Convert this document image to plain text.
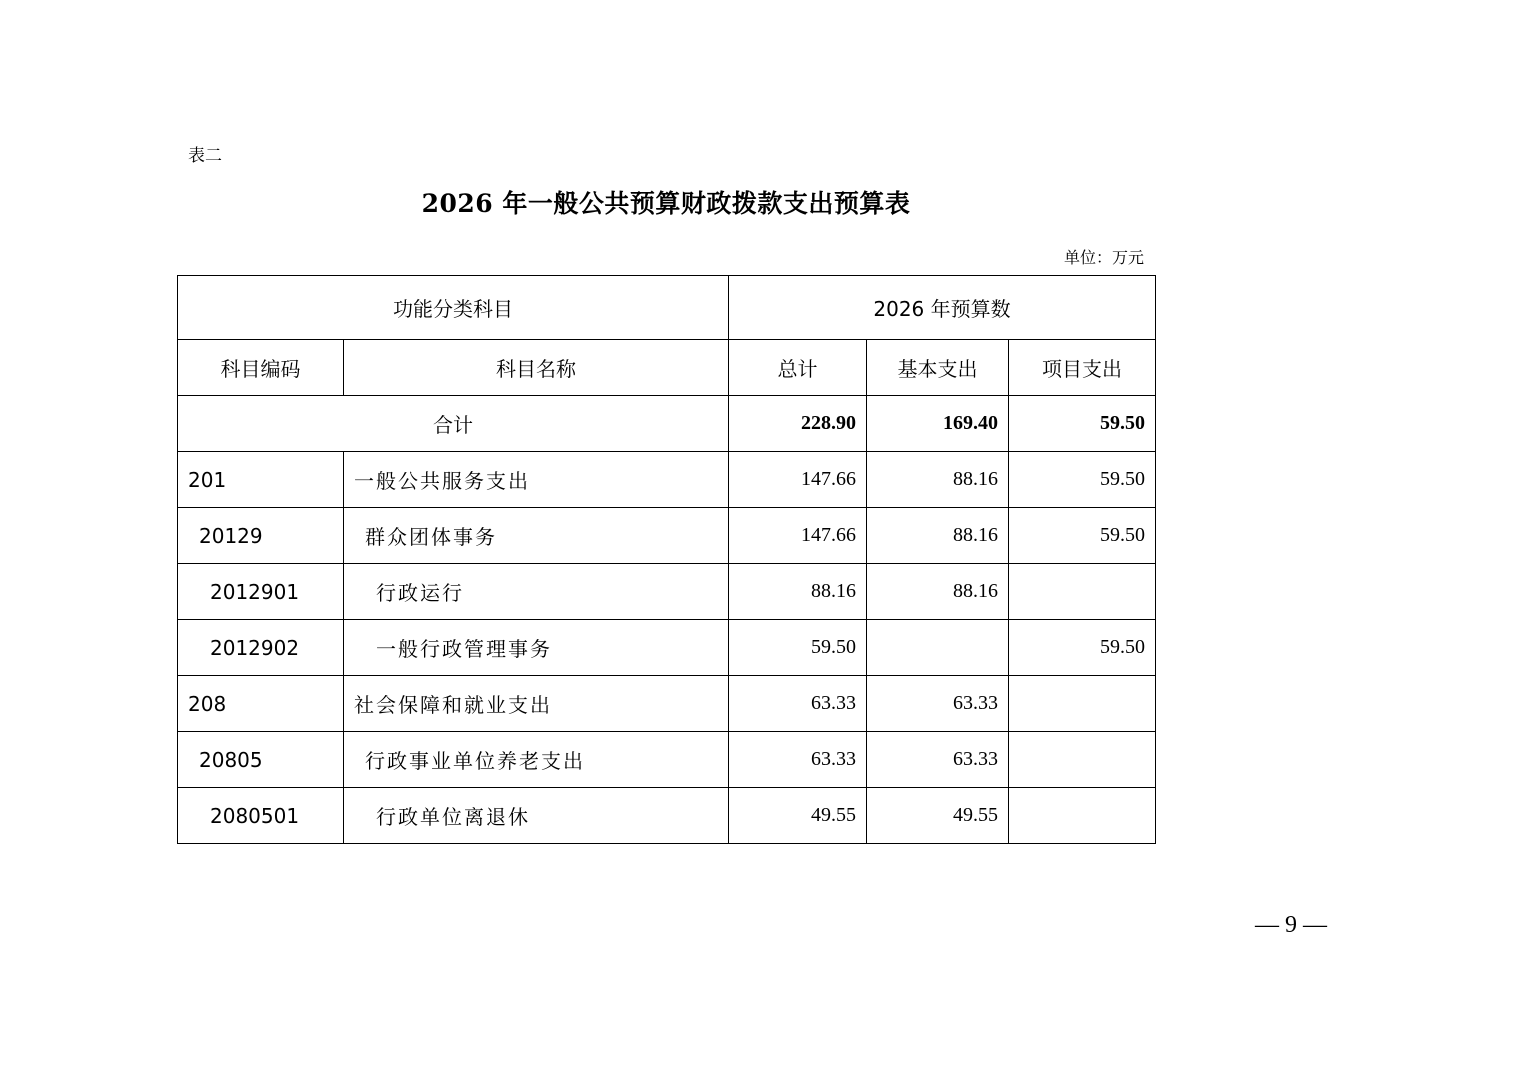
表二
2026 年一般公共预算财政拨款支出预算表
单位：万元
功能分类科目		2026 年预算数		
科目编码	科目名称	总计	基本支出	项目支出
合计		228.90	169.40	59.50
201	一般公共服务支出	147.66	88.16	59.50
20129	群众团体事务	147.66	88.16	59.50
2012901	行政运行	88.16	88.16	
2012902	一般行政管理事务	59.50		59.50
208	社会保障和就业支出	63.33	63.33	
20805	行政事业单位养老支出	63.33	63.33	
2080501	行政单位离退休	49.55	49.55	
— 9 —
